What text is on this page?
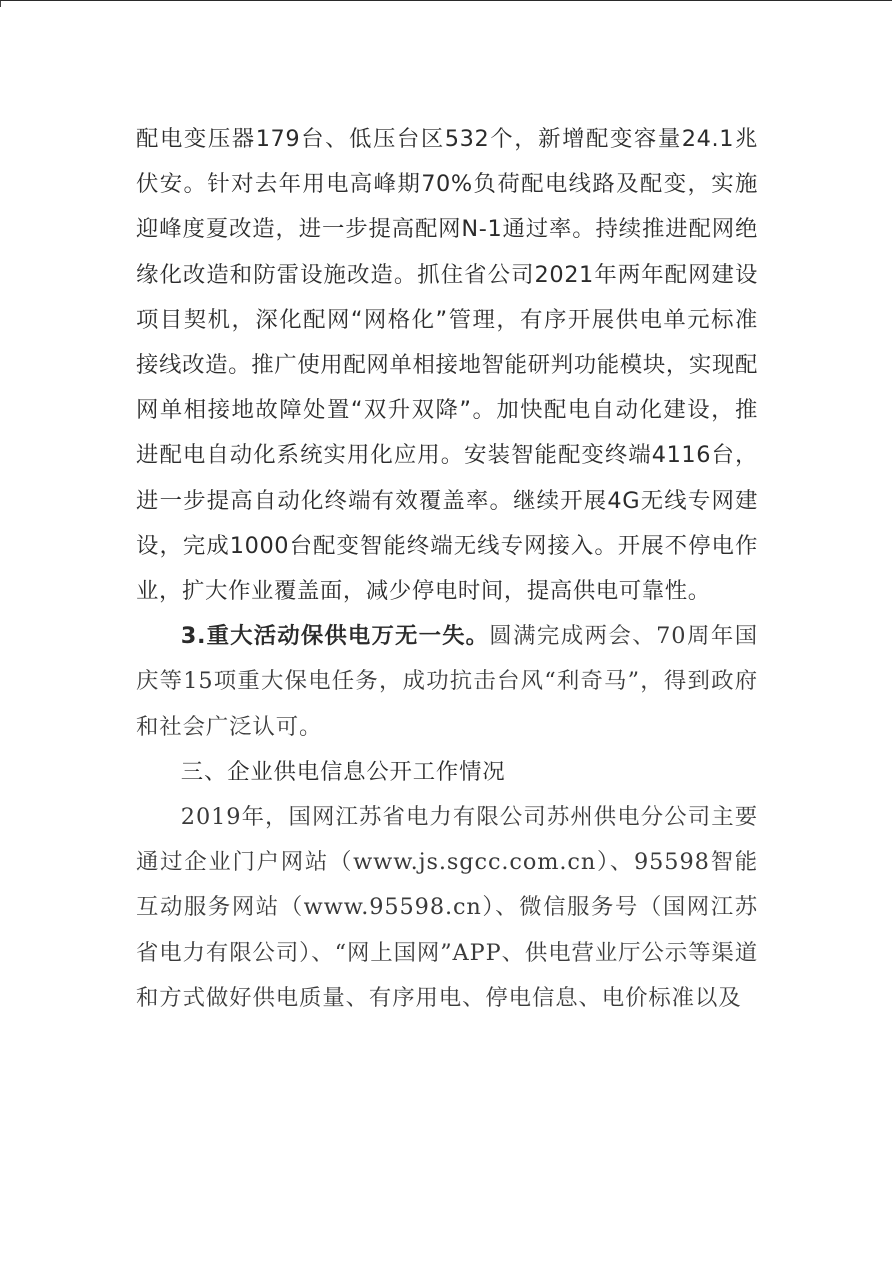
配电变压器179台、低压台区532个，新增配变容量24.1兆伏安。针对去年用电高峰期70%负荷配电线路及配变，实施迎峰度夏改造，进一步提高配网N-1通过率。持续推进配网绝缘化改造和防雷设施改造。抓住省公司2021年两年配网建设项目契机，深化配网“网格化”管理，有序开展供电单元标准接线改造。推广使用配网单相接地智能研判功能模块，实现配网单相接地故障处置“双升双降”。加快配电自动化建设，推进配电自动化系统实用化应用。安装智能配变终端4116台，进一步提高自动化终端有效覆盖率。继续开展4G无线专网建设，完成1000台配变智能终端无线专网接入。开展不停电作业，扩大作业覆盖面，减少停电时间，提高供电可靠性。

3.重大活动保供电万无一失。圆满完成两会、70周年国庆等15项重大保电任务，成功抗击台风“利奇马”，得到政府和社会广泛认可。

三、企业供电信息公开工作情况

2019年，国网江苏省电力有限公司苏州供电分公司主要通过企业门户网站（www.js.sgcc.com.cn）、95598智能互动服务网站（www.95598.cn）、微信服务号（国网江苏省电力有限公司）、“网上国网”APP、供电营业厅公示等渠道和方式做好供电质量、有序用电、停电信息、电价标准以及
